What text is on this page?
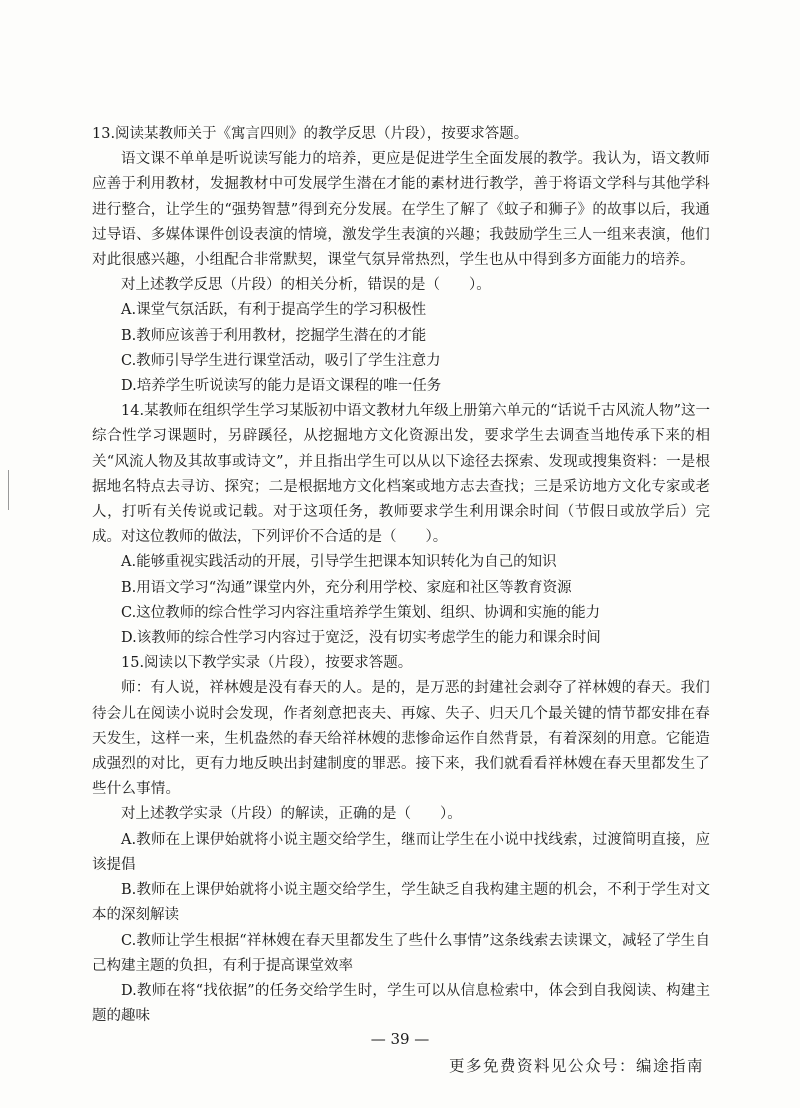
13.阅读某教师关于《寓言四则》的教学反思（片段），按要求答题。

语文课不单单是听说读写能力的培养，更应是促进学生全面发展的教学。我认为，语文教师应善于利用教材，发掘教材中可发展学生潜在才能的素材进行教学，善于将语文学科与其他学科进行整合，让学生的“强势智慧”得到充分发展。在学生了解了《蚊子和狮子》的故事以后，我通过导语、多媒体课件创设表演的情境，激发学生表演的兴趣；我鼓励学生三人一组来表演，他们对此很感兴趣，小组配合非常默契，课堂气氛异常热烈，学生也从中得到多方面能力的培养。

对上述教学反思（片段）的相关分析，错误的是（　　）。

A.课堂气氛活跃，有利于提高学生的学习积极性

B.教师应该善于利用教材，挖掘学生潜在的才能

C.教师引导学生进行课堂活动，吸引了学生注意力

D.培养学生听说读写的能力是语文课程的唯一任务

14.某教师在组织学生学习某版初中语文教材九年级上册第六单元的“话说千古风流人物”这一综合性学习课题时，另辟蹊径，从挖掘地方文化资源出发，要求学生去调查当地传承下来的相关“风流人物及其故事或诗文”，并且指出学生可以从以下途径去探索、发现或搜集资料：一是根据地名特点去寻访、探究；二是根据地方文化档案或地方志去查找；三是采访地方文化专家或老人，打听有关传说或记载。对于这项任务，教师要求学生利用课余时间（节假日或放学后）完成。对这位教师的做法，下列评价不合适的是（　　）。

A.能够重视实践活动的开展，引导学生把课本知识转化为自己的知识

B.用语文学习“沟通”课堂内外，充分利用学校、家庭和社区等教育资源

C.这位教师的综合性学习内容注重培养学生策划、组织、协调和实施的能力

D.该教师的综合性学习内容过于宽泛，没有切实考虑学生的能力和课余时间

15.阅读以下教学实录（片段），按要求答题。

师：有人说，祥林嫂是没有春天的人。是的，是万恶的封建社会剥夺了祥林嫂的春天。我们待会儿在阅读小说时会发现，作者刻意把丧夫、再嫁、失子、归天几个最关键的情节都安排在春天发生，这样一来，生机盎然的春天给祥林嫂的悲惨命运作自然背景，有着深刻的用意。它能造成强烈的对比，更有力地反映出封建制度的罪恶。接下来，我们就看看祥林嫂在春天里都发生了些什么事情。

对上述教学实录（片段）的解读，正确的是（　　）。

A.教师在上课伊始就将小说主题交给学生，继而让学生在小说中找线索，过渡简明直接，应该提倡

B.教师在上课伊始就将小说主题交给学生，学生缺乏自我构建主题的机会，不利于学生对文本的深刻解读

C.教师让学生根据“祥林嫂在春天里都发生了些什么事情”这条线索去读课文，减轻了学生自己构建主题的负担，有利于提高课堂效率

D.教师在将“找依据”的任务交给学生时，学生可以从信息检索中，体会到自我阅读、构建主题的趣味

— 39 —
更多免费资料见公众号：编途指南
